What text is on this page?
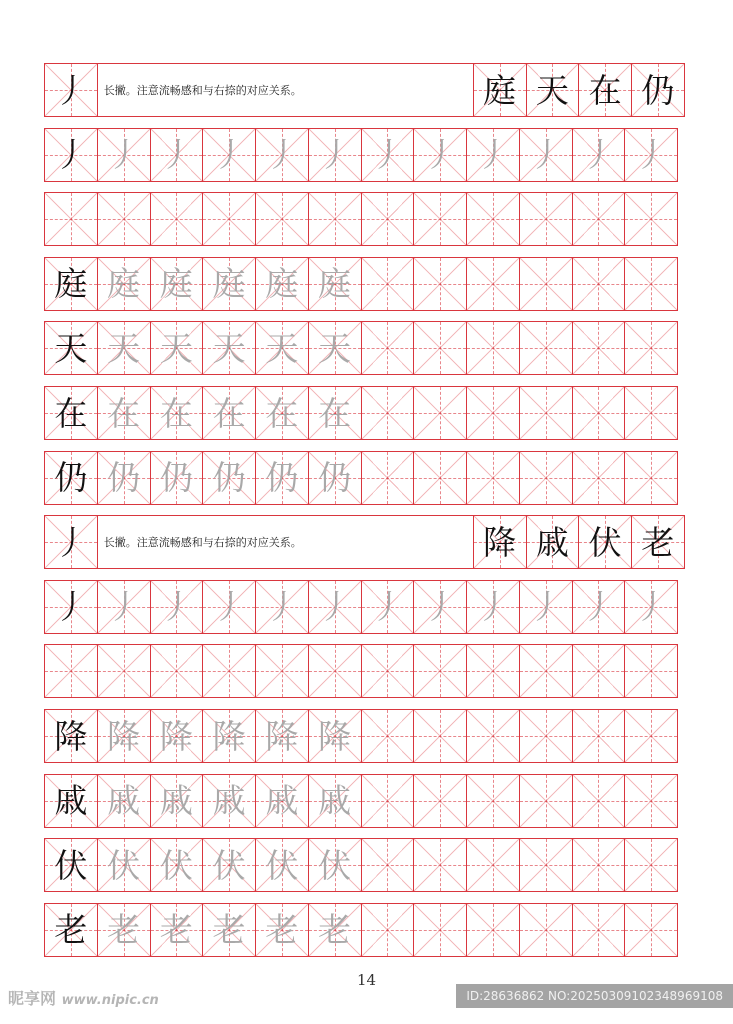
丿	长撇。注意流畅感和与右捺的对应关系。	庭 天 在 仍
丿 丿 丿 丿 丿 丿 丿 丿 丿 丿 丿 丿
庭 庭 庭 庭 庭 庭
天 天 天 天 天 天
在 在 在 在 在 在
仍 仍 仍 仍 仍 仍
丿	长撇。注意流畅感和与右捺的对应关系。	降 戚 伏 老
丿 丿 丿 丿 丿 丿 丿 丿 丿 丿 丿 丿
降 降 降 降 降 降
戚 戚 戚 戚 戚 戚
伏 伏 伏 伏 伏 伏
老 老 老 老 老 老
14
昵享网 www.nipic.cn	ID:28636862 NO:20250309102348969108
